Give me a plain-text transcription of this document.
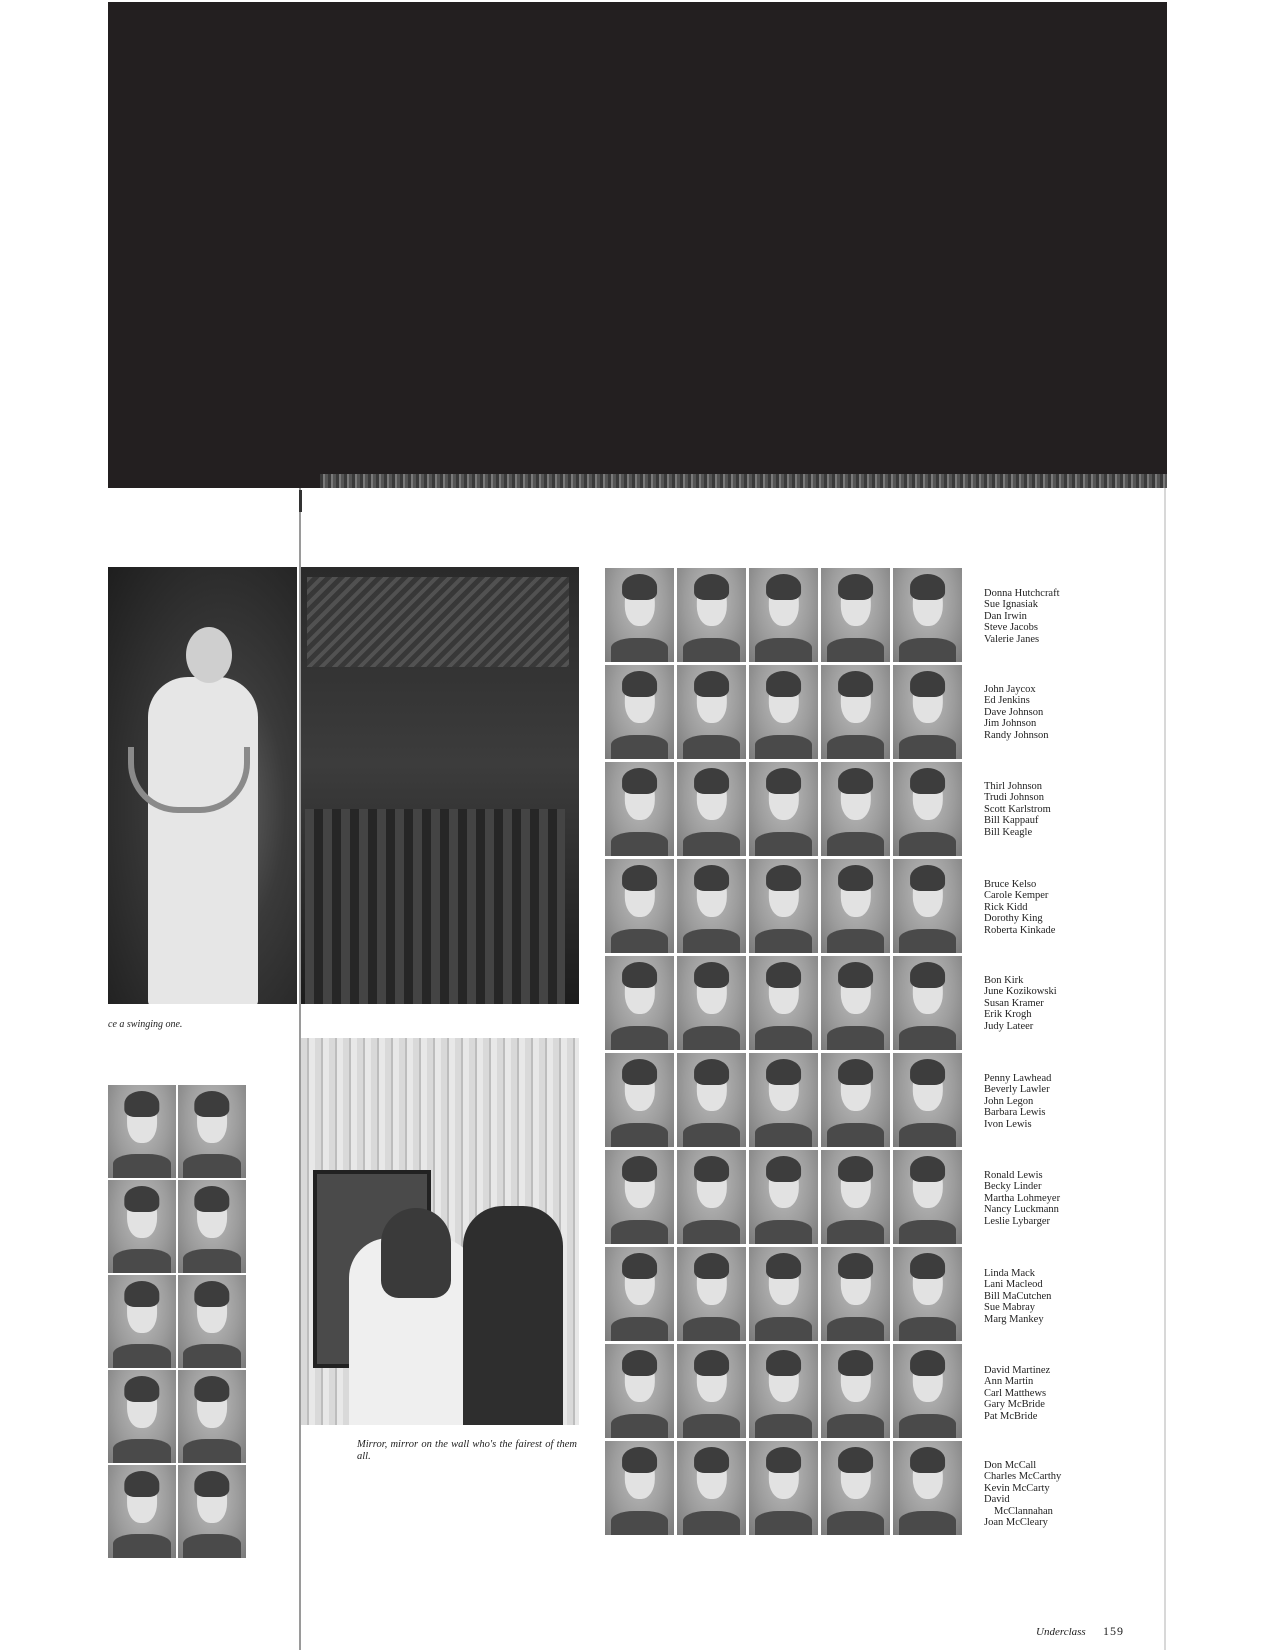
ce a swinging one.
Mirror, mirror on the wall who's the fairest of them all.
Donna Hutchcraft
Sue Ignasiak
Dan Irwin
Steve Jacobs
Valerie Janes
John Jaycox
Ed Jenkins
Dave Johnson
Jim Johnson
Randy Johnson
Thirl Johnson
Trudi Johnson
Scott Karlstrom
Bill Kappauf
Bill Keagle
Bruce Kelso
Carole Kemper
Rick Kidd
Dorothy King
Roberta Kinkade
Bon Kirk
June Kozikowski
Susan Kramer
Erik Krogh
Judy Lateer
Penny Lawhead
Beverly Lawler
John Legon
Barbara Lewis
Ivon Lewis
Ronald Lewis
Becky Linder
Martha Lohmeyer
Nancy Luckmann
Leslie Lybarger
Linda Mack
Lani Macleod
Bill MaCutchen
Sue Mabray
Marg Mankey
David Martinez
Ann Martin
Carl Matthews
Gary McBride
Pat McBride
Don McCall
Charles McCarthy
Kevin McCarty
David
McClannahan
Joan McCleary
Underclass 159
